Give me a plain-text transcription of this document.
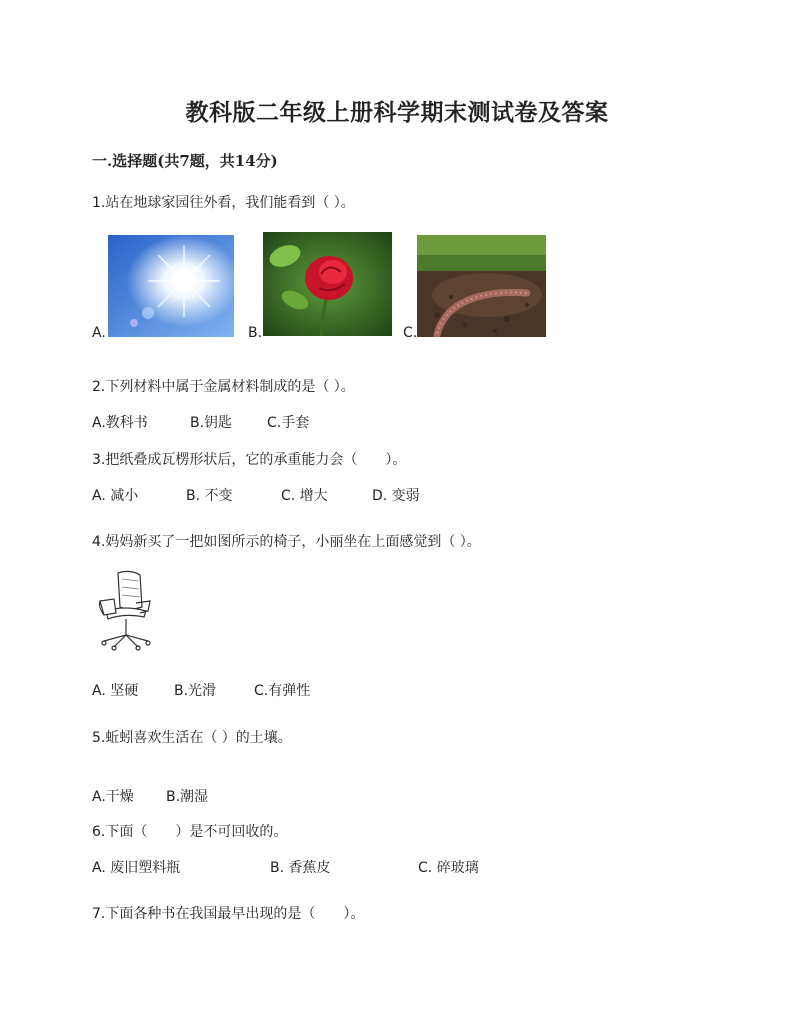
教科版二年级上册科学期末测试卷及答案
一.选择题(共7题，共14分)
1.站在地球家园往外看，我们能看到（ ）。
A.	B.	C.
2.下列材料中属于金属材料制成的是（ ）。
A.教科书	B.钥匙 C.手套
3.把纸叠成瓦楞形状后，它的承重能力会（　　）。
A. 减小	B. 不变	C. 增大	D. 变弱
4.妈妈新买了一把如图所示的椅子，小丽坐在上面感觉到（ ）。
A. 坚硬	B.光滑	C.有弹性
5.蚯蚓喜欢生活在（ ）的土壤。
A.干燥 B.潮湿
6.下面（　　）是不可回收的。
A. 废旧塑料瓶	B. 香蕉皮	C. 碎玻璃
7.下面各种书在我国最早出现的是（　　）。
